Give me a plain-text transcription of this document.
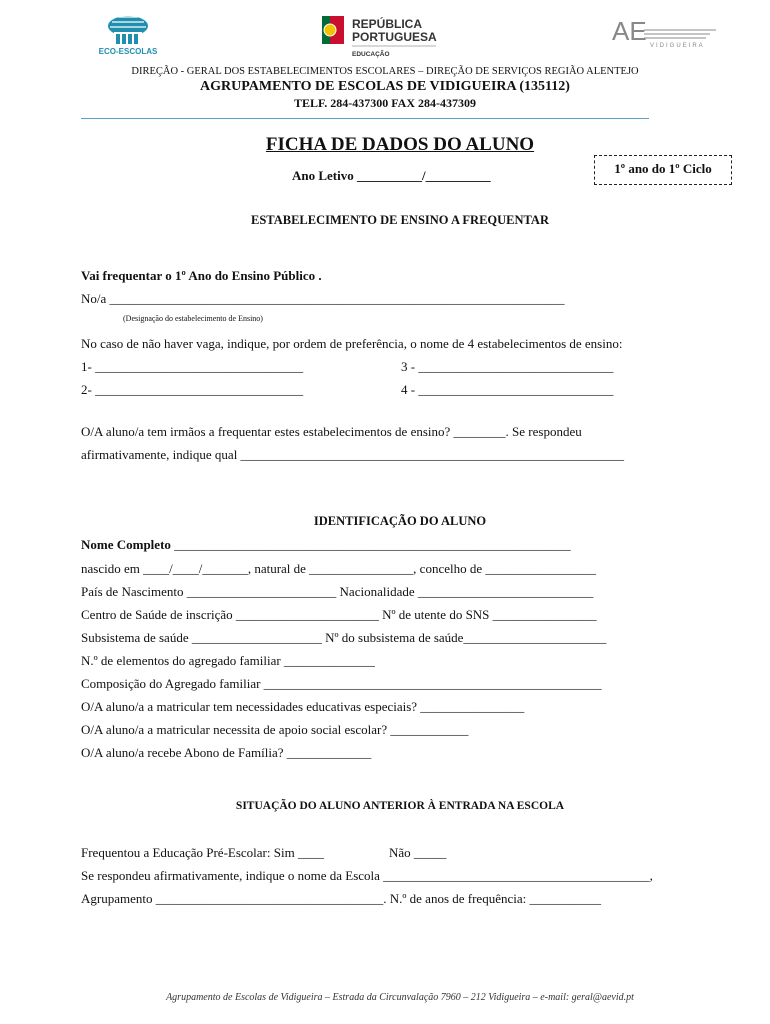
ECO-ESCOLAS
REPÚBLICA
PORTUGUESA
EDUCAÇÃO
AE VIDIGUEIRA
DIREÇÃO - GERAL DOS ESTABELECIMENTOS ESCOLARES – DIREÇÃO DE SERVIÇOS REGIÃO ALENTEJO
AGRUPAMENTO DE ESCOLAS DE VIDIGUEIRA (135112)
TELF. 284-437300 FAX 284-437309
FICHA DE DADOS DO ALUNO
1º ano do 1º Ciclo
Ano Letivo __________/__________
ESTABELECIMENTO DE ENSINO A FREQUENTAR
Vai frequentar o 1º Ano do Ensino Público .
No/a ______________________________________________________________________
(Designação do estabelecimento de Ensino)
No caso de não haver vaga, indique, por ordem de preferência, o nome de 4 estabelecimentos de ensino:
1- ________________________________	3 - ______________________________
2- ________________________________	4 - ______________________________
O/A aluno/a tem irmãos a frequentar estes estabelecimentos de ensino? ________. Se respondeu
afirmativamente, indique qual ___________________________________________________________
IDENTIFICAÇÃO DO ALUNO
Nome Completo _____________________________________________________________
nascido em ____/____/_______, natural de ________________, concelho de _________________
País de Nascimento _______________________ Nacionalidade ___________________________
Centro de Saúde de inscrição ______________________ Nº de utente do SNS ________________
Subsistema de saúde ____________________ Nº do subsistema de saúde______________________
N.º de elementos do agregado familiar ______________
Composição do Agregado familiar ____________________________________________________
O/A aluno/a a matricular tem necessidades educativas especiais? ________________
O/A aluno/a a matricular necessita de apoio social escolar? ____________
O/A aluno/a recebe Abono de Família? _____________
SITUAÇÃO DO ALUNO ANTERIOR À ENTRADA NA ESCOLA
Frequentou a Educação Pré-Escolar: Sim ____	Não _____
Se respondeu afirmativamente, indique o nome da Escola _________________________________________,
Agrupamento ___________________________________. N.º de anos de frequência: ___________
Agrupamento de Escolas de Vidigueira – Estrada da Circunvalação 7960 – 212 Vidigueira – e-mail: geral@aevid.pt
